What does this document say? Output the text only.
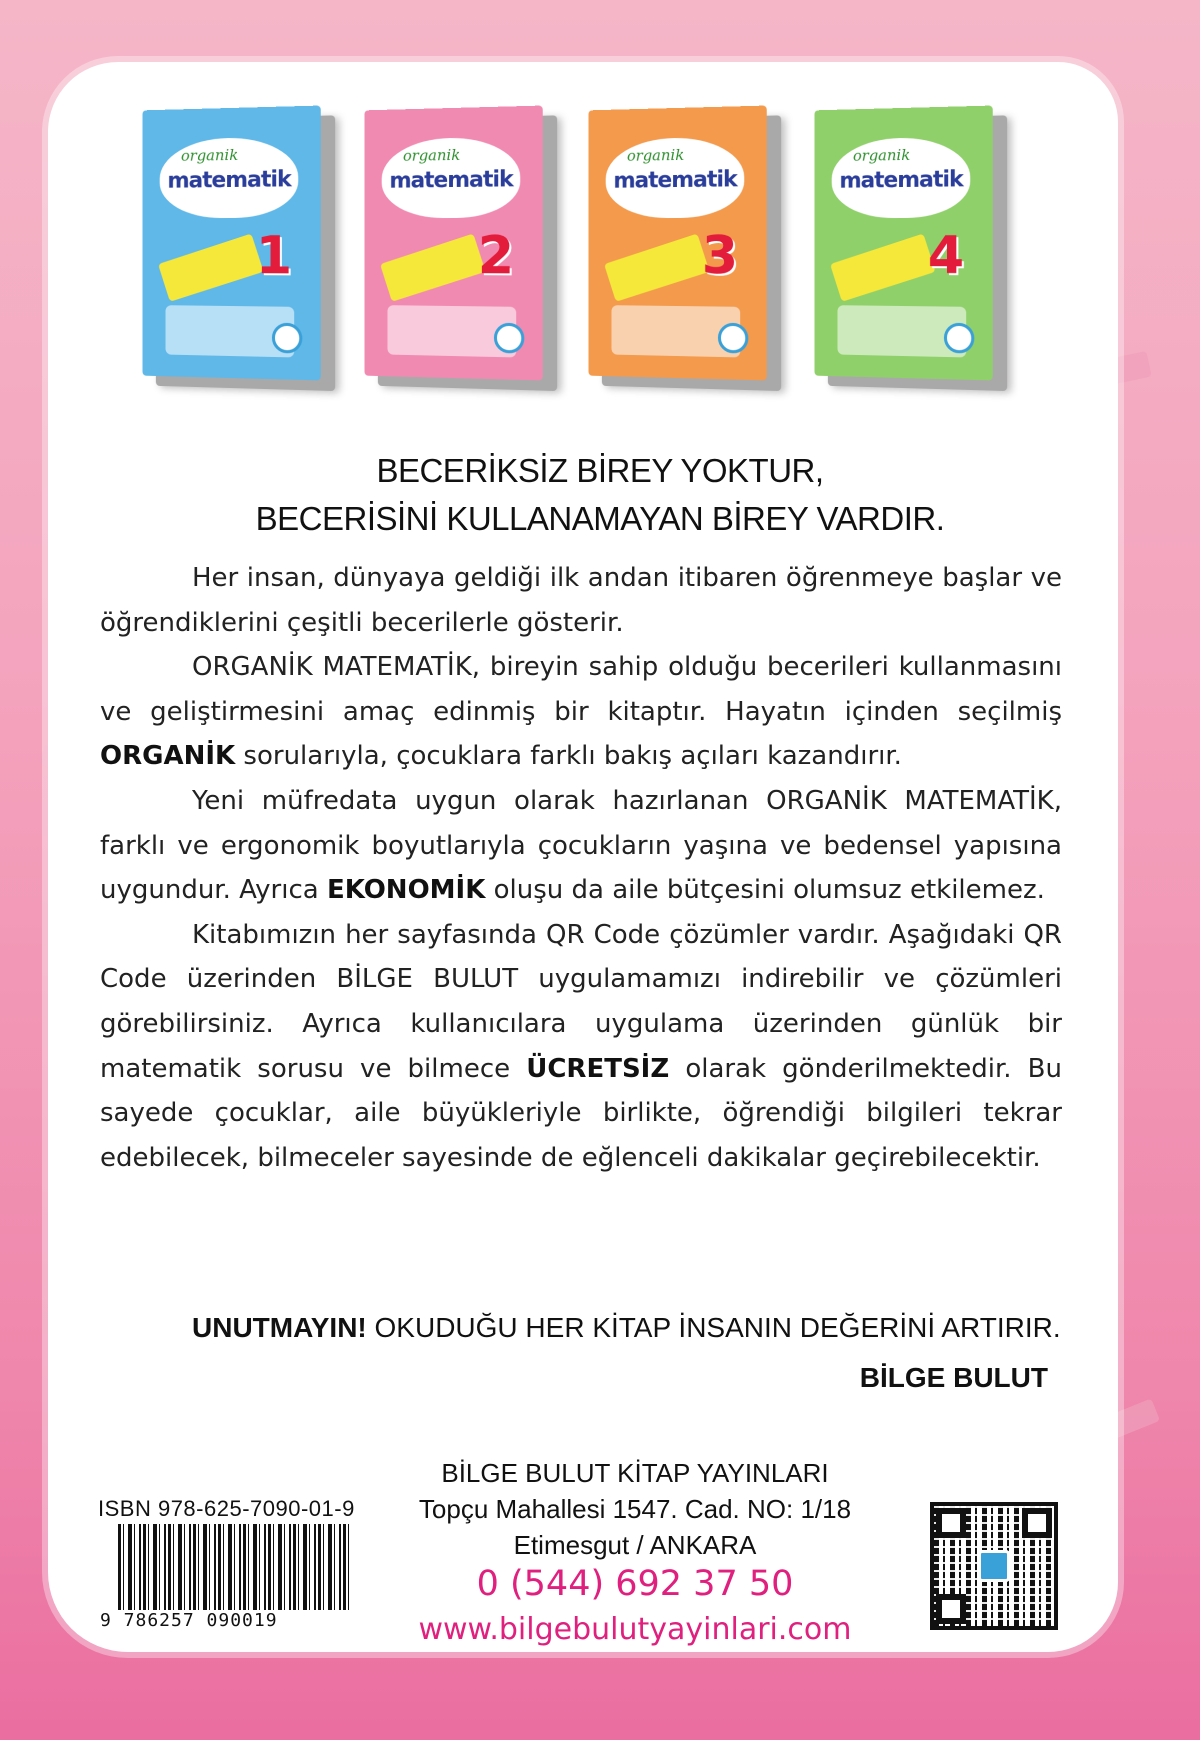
organik
matematik
1
organik
matematik
2
organik
matematik
3
organik
matematik
4
BECERİKSİZ BİREY YOKTUR,
BECERİSİNİ KULLANAMAYAN BİREY VARDIR.

Her insan, dünyaya geldiği ilk andan itibaren öğrenmeye başlar ve öğrendiklerini çeşitli becerilerle gösterir.

ORGANİK MATEMATİK, bireyin sahip olduğu becerileri kullanmasını ve geliştirmesini amaç edinmiş bir kitaptır. Hayatın içinden seçilmiş ORGANİK sorularıyla, çocuklara farklı bakış açıları kazandırır.

Yeni müfredata uygun olarak hazırlanan ORGANİK MATEMATİK, farklı ve ergonomik boyutlarıyla çocukların yaşına ve bedensel yapısına uygundur. Ayrıca EKONOMİK oluşu da aile bütçesini olumsuz etkilemez.

Kitabımızın her sayfasında QR Code çözümler vardır. Aşağıdaki QR Code üzerinden BİLGE BULUT uygulamamızı indirebilir ve çözümleri görebilirsiniz. Ayrıca kullanıcılara uygulama üzerinden günlük bir matematik sorusu ve bilmece ÜCRETSİZ olarak gönderilmektedir. Bu sayede çocuklar, aile büyükleriyle birlikte, öğrendiği bilgileri tekrar edebilecek, bilmeceler sayesinde de eğlenceli dakikalar geçirebilecektir.

UNUTMAYIN! OKUDUĞU HER KİTAP İNSANIN DEĞERİNİ ARTIRIR.
BİLGE BULUT
BİLGE BULUT KİTAP YAYINLARI
Topçu Mahallesi 1547. Cad. NO: 1/18
Etimesgut / ANKARA
0 (544) 692 37 50
www.bilgebulutyayinlari.com
ISBN 978-625-7090-01-9
9 786257 090019
